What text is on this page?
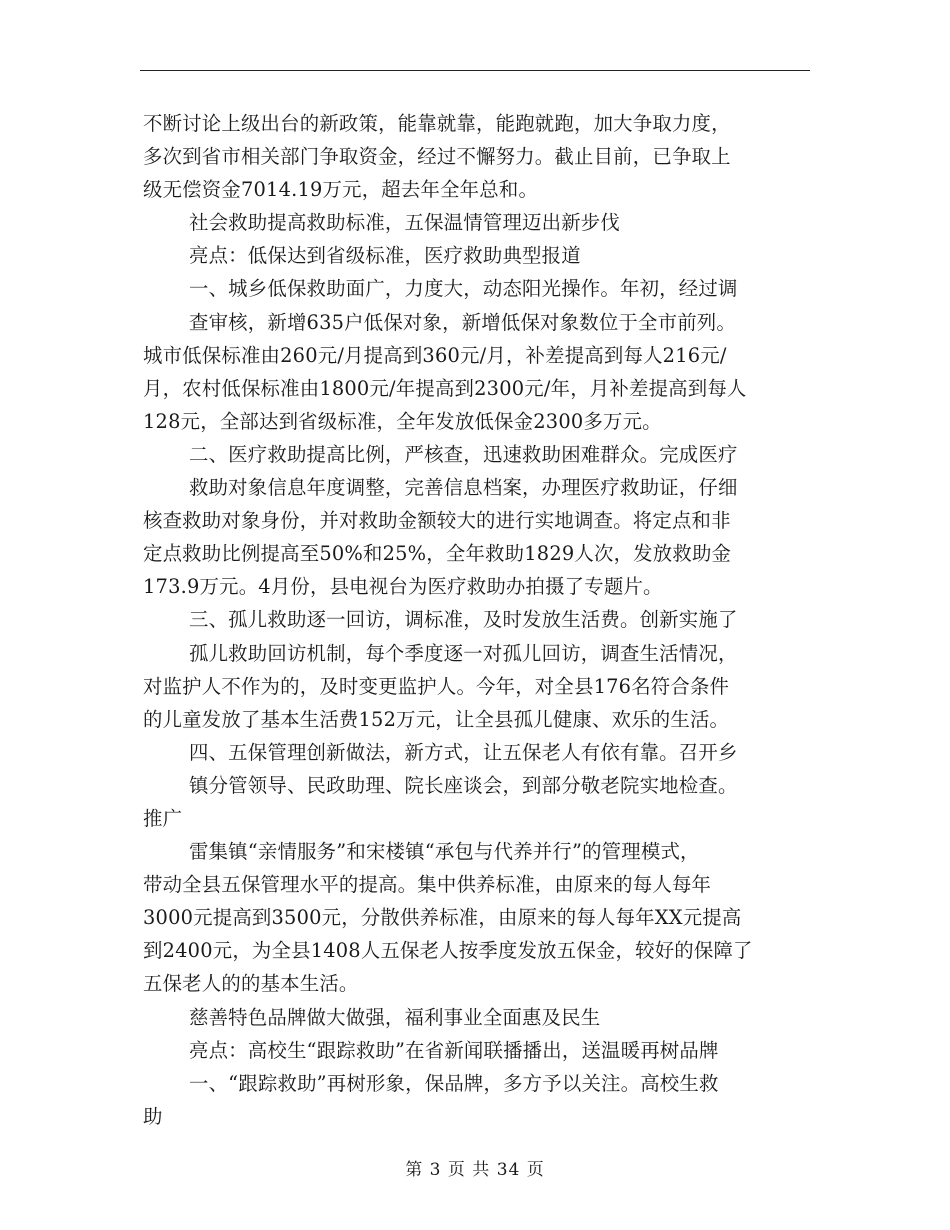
不断讨论上级出台的新政策，能靠就靠，能跑就跑，加大争取力度，
多次到省市相关部门争取资金，经过不懈努力。截止目前，已争取上
级无偿资金7014.19万元，超去年全年总和。
社会救助提高救助标准，五保温情管理迈出新步伐
亮点：低保达到省级标准，医疗救助典型报道
一、城乡低保救助面广，力度大，动态阳光操作。年初，经过调
查审核，新增635户低保对象，新增低保对象数位于全市前列。
城市低保标准由260元/月提高到360元/月，补差提高到每人216元/
月，农村低保标准由1800元/年提高到2300元/年，月补差提高到每人
128元，全部达到省级标准，全年发放低保金2300多万元。
二、医疗救助提高比例，严核查，迅速救助困难群众。完成医疗
救助对象信息年度调整，完善信息档案，办理医疗救助证，仔细
核查救助对象身份，并对救助金额较大的进行实地调查。将定点和非
定点救助比例提高至50%和25%，全年救助1829人次，发放救助金
173.9万元。4月份，县电视台为医疗救助办拍摄了专题片。
三、孤儿救助逐一回访，调标准，及时发放生活费。创新实施了
孤儿救助回访机制，每个季度逐一对孤儿回访，调查生活情况，
对监护人不作为的，及时变更监护人。今年，对全县176名符合条件
的儿童发放了基本生活费152万元，让全县孤儿健康、欢乐的生活。
四、五保管理创新做法，新方式，让五保老人有依有靠。召开乡
镇分管领导、民政助理、院长座谈会，到部分敬老院实地检查。
推广
雷集镇“亲情服务”和宋楼镇“承包与代养并行”的管理模式，
带动全县五保管理水平的提高。集中供养标准，由原来的每人每年
3000元提高到3500元，分散供养标准，由原来的每人每年XX元提高
到2400元，为全县1408人五保老人按季度发放五保金，较好的保障了
五保老人的的基本生活。
慈善特色品牌做大做强，福利事业全面惠及民生
亮点：高校生“跟踪救助”在省新闻联播播出，送温暖再树品牌
一、“跟踪救助”再树形象，保品牌，多方予以关注。高校生救
助
第 3 页 共 34 页
